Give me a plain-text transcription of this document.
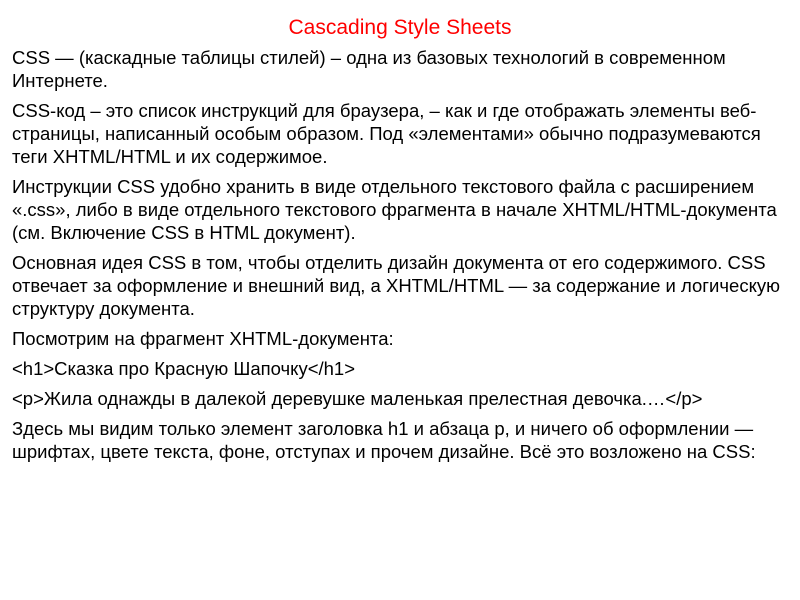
Cascading Style Sheets

CSS — (каскадные таблицы стилей) – одна из базовых технологий в современном Интернете.

CSS-код – это список инструкций для браузера, – как и где отображать элементы веб-страницы, написанный особым образом. Под «элементами» обычно подразумеваются теги XHTML/HTML и их содержимое.

Инструкции CSS удобно хранить в виде отдельного текстового файла с расширением «.css», либо в виде отдельного текстового фрагмента в начале XHTML/HTML-документа (см. Включение CSS в HTML документ).

Основная идея CSS в том, чтобы отделить дизайн документа от его содержимого. CSS отвечает за оформление и внешний вид, а XHTML/HTML — за содержание и логическую структуру документа.

Посмотрим на фрагмент XHTML-документа:

<h1>Сказка про Красную Шапочку</h1>

<p>Жила однажды в далекой деревушке маленькая прелестная девочка.…</p>

Здесь мы видим только элемент заголовка h1 и абзаца p, и ничего об оформлении — шрифтах, цвете текста, фоне, отступах и прочем дизайне. Всё это возложено на CSS:
